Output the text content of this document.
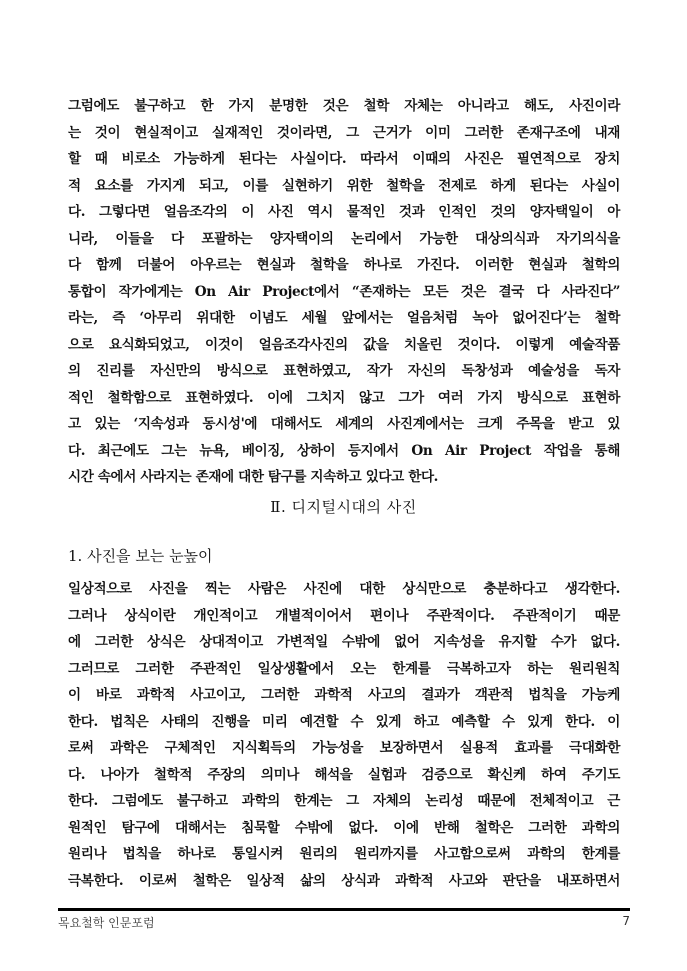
그럼에도 불구하고 한 가지 분명한 것은 철학 자체는 아니라고 해도, 사진이라
는 것이 현실적이고 실재적인 것이라면, 그 근거가 이미 그러한 존재구조에 내재
할 때 비로소 가능하게 된다는 사실이다. 따라서 이때의 사진은 필연적으로 장치
적 요소를 가지게 되고, 이를 실현하기 위한 철학을 전제로 하게 된다는 사실이
다. 그렇다면 얼음조각의 이 사진 역시 물적인 것과 인적인 것의 양자택일이 아
니라, 이들을 다 포괄하는 양자택이의 논리에서 가능한 대상의식과 자기의식을
다 함께 더불어 아우르는 현실과 철학을 하나로 가진다. 이러한 현실과 철학의
통합이 작가에게는 On Air Project에서 “존재하는 모든 것은 결국 다 사라진다”
라는, 즉 ‘아무리 위대한 이념도 세월 앞에서는 얼음처럼 녹아 없어진다’는 철학
으로 요식화되었고, 이것이 얼음조각사진의 값을 치올린 것이다. 이렇게 예술작품
의 진리를 자신만의 방식으로 표현하였고, 작가 자신의 독창성과 예술성을 독자
적인 철학함으로 표현하였다. 이에 그치지 않고 그가 여러 가지 방식으로 표현하
고 있는 ‘지속성과 동시성'에 대해서도 세계의 사진계에서는 크게 주목을 받고 있
다. 최근에도 그는 뉴욕, 베이징, 상하이 등지에서 On Air Project 작업을 통해
시간 속에서 사라지는 존재에 대한 탐구를 지속하고 있다고 한다.
Ⅱ. 디지털시대의 사진
1. 사진을 보는 눈높이
일상적으로 사진을 찍는 사람은 사진에 대한 상식만으로 충분하다고 생각한다.
그러나 상식이란 개인적이고 개별적이어서 편이나 주관적이다. 주관적이기 때문
에 그러한 상식은 상대적이고 가변적일 수밖에 없어 지속성을 유지할 수가 없다.
그러므로 그러한 주관적인 일상생활에서 오는 한계를 극복하고자 하는 원리원칙
이 바로 과학적 사고이고, 그러한 과학적 사고의 결과가 객관적 법칙을 가능케
한다. 법칙은 사태의 진행을 미리 예견할 수 있게 하고 예측할 수 있게 한다. 이
로써 과학은 구체적인 지식획득의 가능성을 보장하면서 실용적 효과를 극대화한
다. 나아가 철학적 주장의 의미나 해석을 실험과 검증으로 확신케 하여 주기도
한다. 그럼에도 불구하고 과학의 한계는 그 자체의 논리성 때문에 전체적이고 근
원적인 탐구에 대해서는 침묵할 수밖에 없다. 이에 반해 철학은 그러한 과학의
원리나 법칙을 하나로 통일시켜 원리의 원리까지를 사고함으로써 과학의 한계를
극복한다. 이로써 철학은 일상적 삶의 상식과 과학적 사고와 판단을 내포하면서
목요철학 인문포럼	7
